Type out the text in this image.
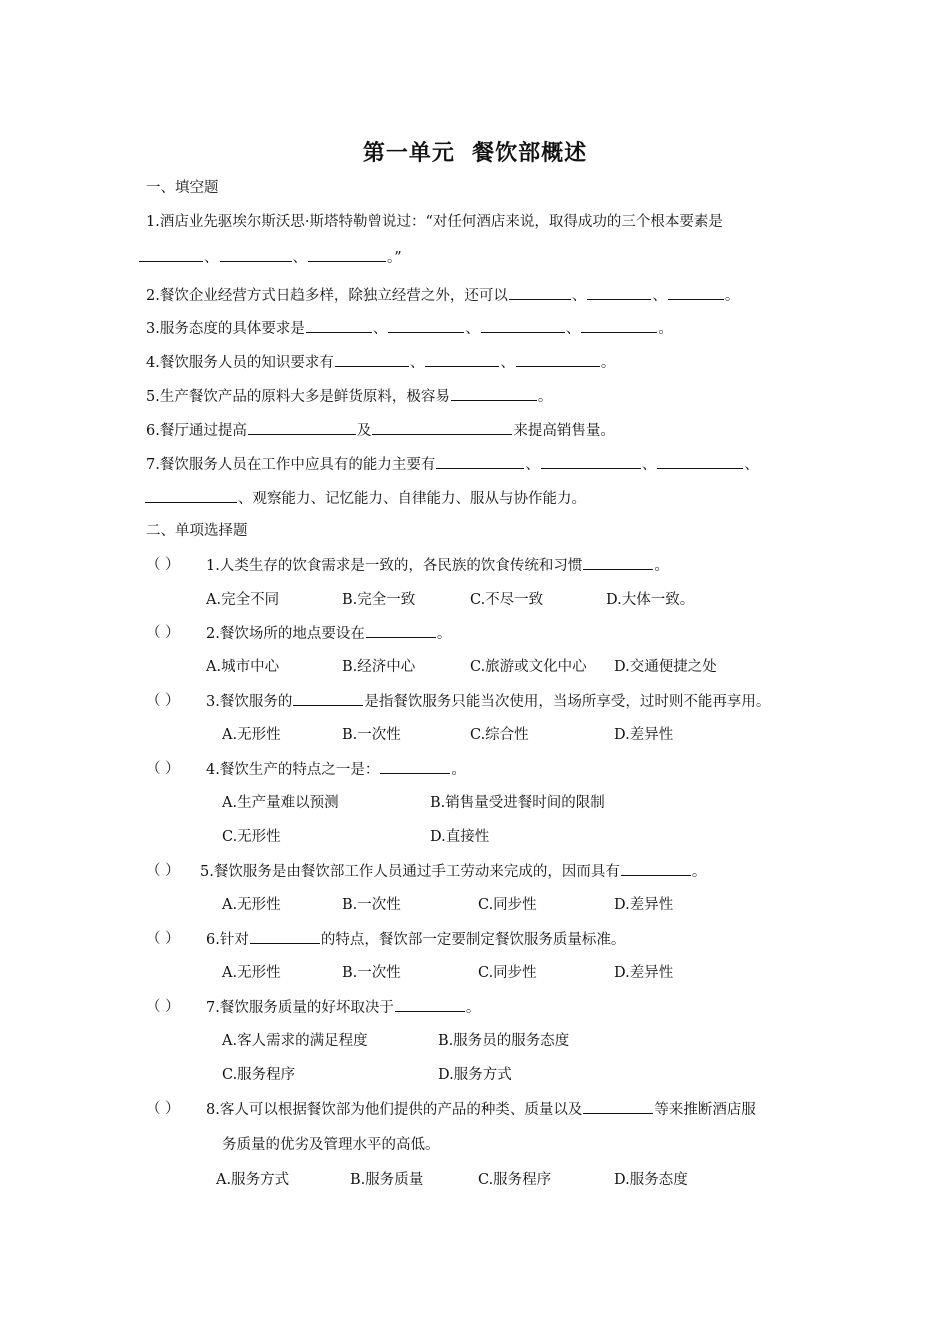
第一单元  餐饮部概述
一、填空题
1.酒店业先驱埃尔斯沃思·斯塔特勒曾说过：“对任何酒店来说，取得成功的三个根本要素是
、	、	。”
2.餐饮企业经营方式日趋多样，除独立经营之外，还可以	、	、	。
3.服务态度的具体要求是	、	、	、	。
4.餐饮服务人员的知识要求有	、	、	。
5.生产餐饮产品的原料大多是鲜货原料，极容易	。
6.餐厅通过提高	及	来提高销售量。
7.餐饮服务人员在工作中应具有的能力主要有	、	、	、
、观察能力、记忆能力、自律能力、服从与协作能力。
二、单项选择题
（ ） 1.人类生存的饮食需求是一致的，各民族的饮食传统和习惯	。
A.完全不同	B.完全一致	C.不尽一致	D.大体一致。
（ ） 2.餐饮场所的地点要设在	。
A.城市中心	B.经济中心	C.旅游或文化中心 D.交通便捷之处
（ ） 3.餐饮服务的	是指餐饮服务只能当次使用，当场所享受，过时则不能再享用。
A.无形性	B.一次性	C.综合性	D.差异性
（ ） 4.餐饮生产的特点之一是：	。
A.生产量难以预测	B.销售量受进餐时间的限制
C.无形性	D.直接性
（ ） 5.餐饮服务是由餐饮部工作人员通过手工劳动来完成的，因而具有	。
A.无形性	B.一次性	C.同步性	D.差异性
（ ） 6.针对	的特点，餐饮部一定要制定餐饮服务质量标准。
A.无形性	B.一次性	C.同步性	D.差异性
（ ） 7.餐饮服务质量的好坏取决于	。
A.客人需求的满足程度	B.服务员的服务态度
C.服务程序	D.服务方式
（ ） 8.客人可以根据餐饮部为他们提供的产品的种类、质量以及	等来推断酒店服
务质量的优劣及管理水平的高低。
A.服务方式	B.服务质量	C.服务程序	D.服务态度
